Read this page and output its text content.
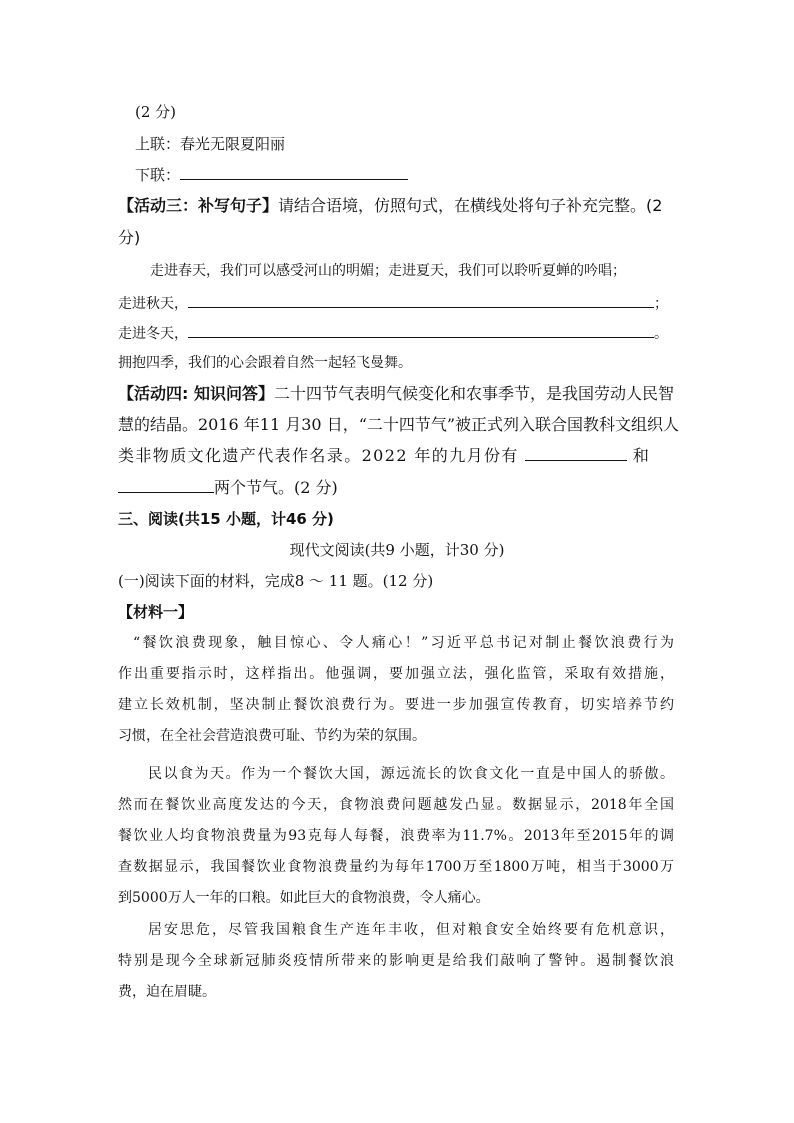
(2 分)
上联：春光无限夏阳丽
下联：
【活动三：补写句子】请结合语境，仿照句式，在横线处将句子补充完整。(2
分)
走进春天，我们可以感受河山的明媚；走进夏天，我们可以聆听夏蝉的吟唱；
走进秋天，	；
走进冬天，	。
拥抱四季，我们的心会跟着自然一起轻飞曼舞。
【活动四: 知识问答】二十四节气表明气候变化和农事季节，是我国劳动人民智
慧的结晶。2016 年11 月30 日，“二十四节气”被正式列入联合国教科文组织人
类非物质文化遗产代表作名录。2022 年的九月份有	和
两个节气。(2 分)
三、阅读(共15 小题，计46 分)
现代文阅读(共9 小题，计30 分)
(一)阅读下面的材料，完成8 ～ 11 题。(12 分)
【材料一】
“餐饮浪费现象，触目惊心、令人痛心！”习近平总书记对制止餐饮浪费行为
作出重要指示时，这样指出。他强调，要加强立法，强化监管，采取有效措施，
建立长效机制，坚决制止餐饮浪费行为。要进一步加强宣传教育，切实培养节约
习惯，在全社会营造浪费可耻、节约为荣的氛围。
民以食为天。作为一个餐饮大国，源远流长的饮食文化一直是中国人的骄傲。
然而在餐饮业高度发达的今天，食物浪费问题越发凸显。数据显示，2018年全国
餐饮业人均食物浪费量为93克每人每餐，浪费率为11.7%。2013年至2015年的调
查数据显示，我国餐饮业食物浪费量约为每年1700万至1800万吨，相当于3000万
到5000万人一年的口粮。如此巨大的食物浪费，令人痛心。
居安思危，尽管我国粮食生产连年丰收，但对粮食安全始终要有危机意识，
特别是现今全球新冠肺炎疫情所带来的影响更是给我们敲响了警钟。遏制餐饮浪
费，迫在眉睫。
